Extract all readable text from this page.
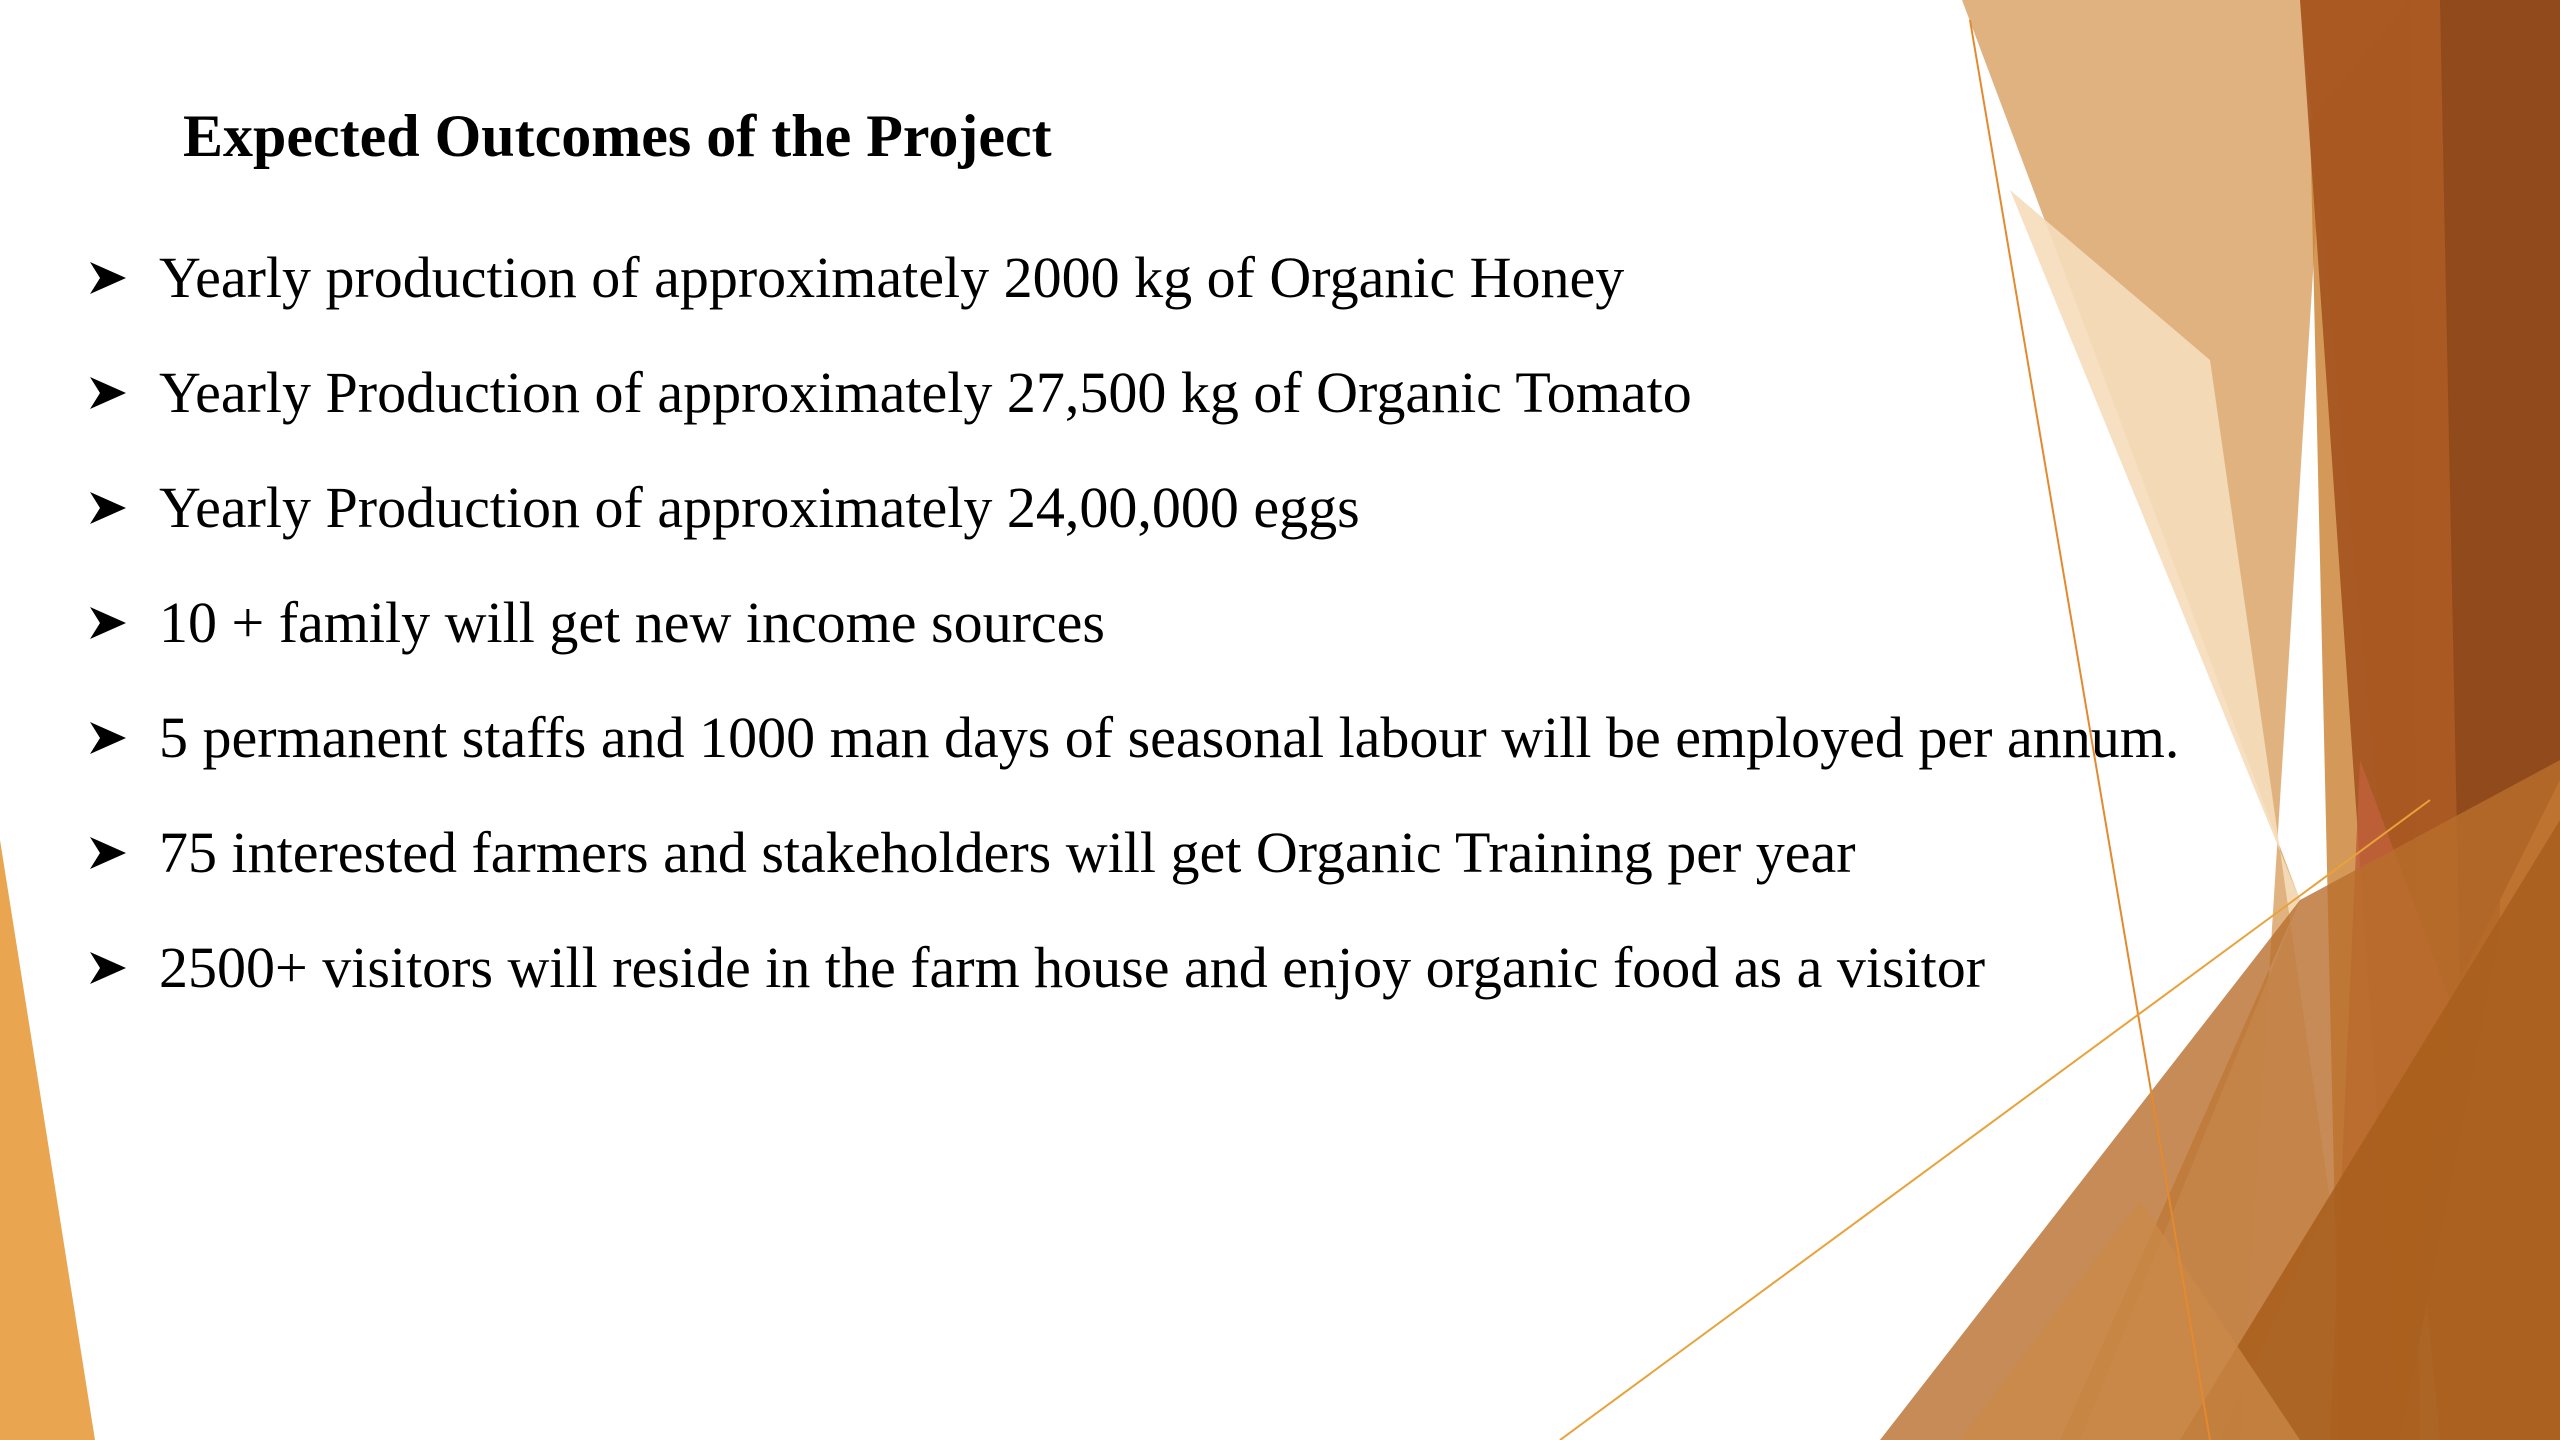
Expected Outcomes of the Project
Yearly production of approximately 2000 kg of Organic Honey
Yearly Production of approximately 27,500 kg of Organic Tomato
Yearly Production of approximately 24,00,000 eggs
10 + family will get new income sources
5 permanent staffs and 1000 man days of seasonal labour will be employed per annum.
75 interested farmers and stakeholders will get Organic Training per year
2500+ visitors will reside in the farm house and enjoy organic food as a visitor
